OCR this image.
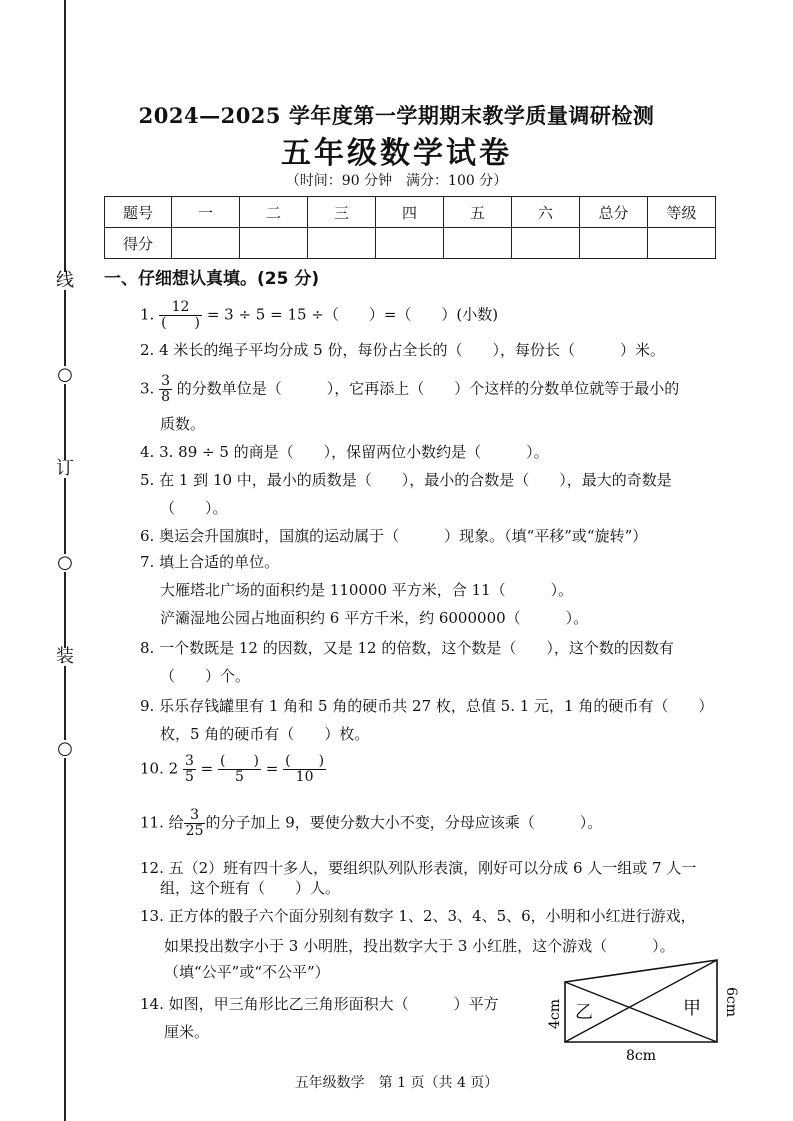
线
○
订
○
装
○
2024—2025 学年度第一学期期末教学质量调研检测
五年级数学试卷
（时间：90 分钟　满分：100 分）
题号	一	二	三	四	五	六	总分	等级
得分								
一、仔细想认真填。(25 分)
1. $\frac{12}{( )} = 3 \div 5 = 15$ ÷（　　）=（　　）(小数)
2. 4 米长的绳子平均分成 5 份，每份占全长的（　　），每份长（　　　）米。
3. $\frac{3}{8}$ 的分数单位是（　　　），它再添上（　　）个这样的分数单位就等于最小的
质数。
4. 3. 89 ÷ 5 的商是（　　），保留两位小数约是（　　　）。
5. 在 1 到 10 中，最小的质数是（　　），最小的合数是（　　），最大的奇数是
（　　）。
6. 奥运会升国旗时，国旗的运动属于（　　　）现象。（填“平移”或“旋转”）
7. 填上合适的单位。
大雁塔北广场的面积约是 110000 平方米，合 11（　　　）。
浐灞湿地公园占地面积约 6 平方千米，约 6000000（　　　）。
8. 一个数既是 12 的因数，又是 12 的倍数，这个数是（　　），这个数的因数有
（　　）个。
9. 乐乐存钱罐里有 1 角和 5 角的硬币共 27 枚，总值 5. 1 元，1 角的硬币有（　　）
枚，5 角的硬币有（　　）枚。
10. $2 \frac{3}{5} = \frac{( )}{5} = \frac{( )}{10}$
11. 给 $\frac{3}{25}$ 的分子加上 9，要使分数大小不变，分母应该乘（　　　）。
12. 五（2）班有四十多人，要组织队列队形表演，刚好可以分成 6 人一组或 7 人一
组，这个班有（　　）人。
13. 正方体的骰子六个面分别刻有数字 1、2、3、4、5、6，小明和小红进行游戏，
如果投出数字小于 3 小明胜，投出数字大于 3 小红胜，这个游戏（　　　）。
（填“公平”或“不公平”）
14. 如图，甲三角形比乙三角形面积大（　　　）平方
厘米。
乙	甲
4cm	6cm
8cm
五年级数学　第 1 页（共 4 页）
